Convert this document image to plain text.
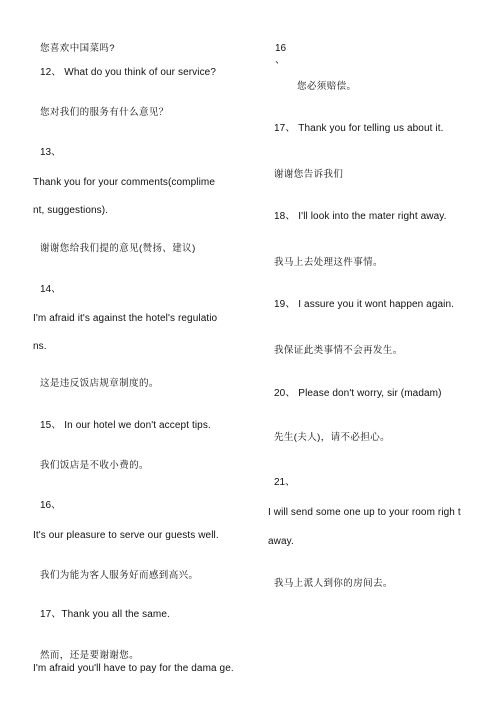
您喜欢中国菜吗?
12、 What do you think of our service?
您对我们的服务有什么意见？
13、
Thank you for your comments(complime
nt, suggestions).
谢谢您给我们提的意见(赞扬、建议)
14、
I'm afraid it's against the hotel's regulatio
ns.
这是违反饭店规章制度的。
15、 In our hotel we don't accept tips.
我们饭店是不收小费的。
16、
It's our pleasure to serve our guests well.
我们为能为客人服务好而感到高兴。
17、Thank you all the same.
然而，还是要谢谢您。
I'm afraid you'll have to pay for the dama ge.
16
、
您必须赔偿。
17、 Thank you for telling us about it.
谢谢您告诉我们
18、 I'll look into the mater right away.
我马上去处理这件事情。
19、 I assure you it wont happen again.
我保证此类事情不会再发生。
20、 Please don't worry, sir (madam)
先生(夫人)，请不必担心。
21、
I will send some one up to your room righ t
away.
我马上派人到你的房间去。
